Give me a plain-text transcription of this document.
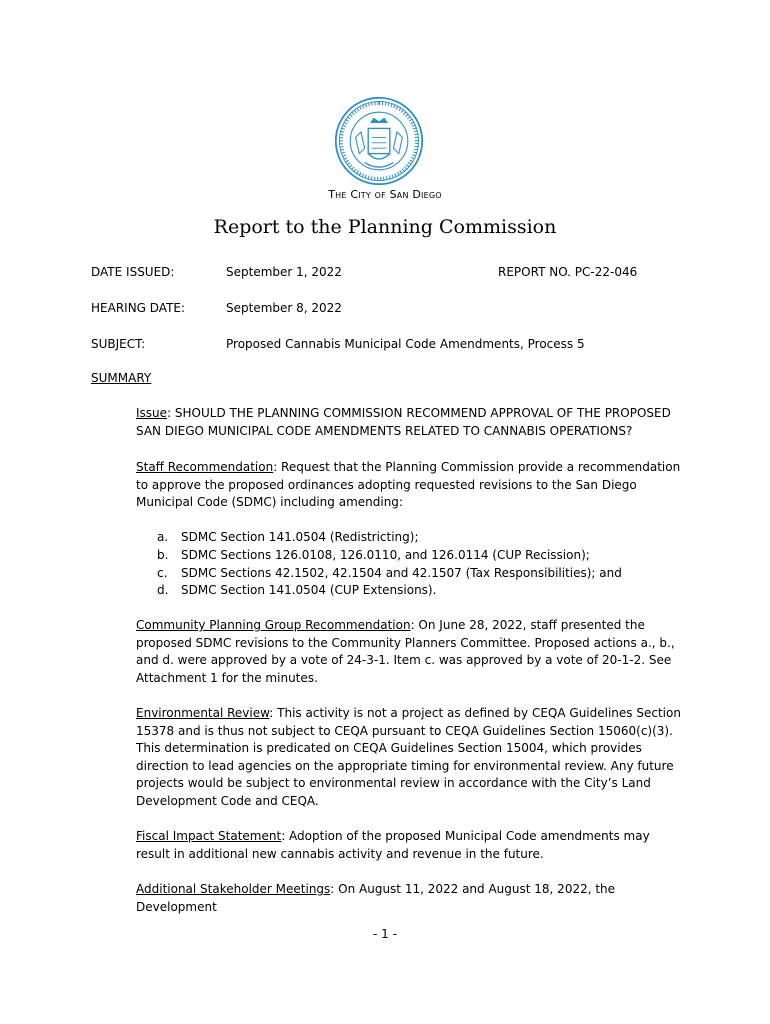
The City of San Diego
Report to the Planning Commission
DATE ISSUED:	September 1, 2022	REPORT NO. PC-22-046
HEARING DATE:	September 8, 2022
SUBJECT:	Proposed Cannabis Municipal Code Amendments, Process 5
SUMMARY
Issue: SHOULD THE PLANNING COMMISSION RECOMMEND APPROVAL OF THE PROPOSED SAN DIEGO MUNICIPAL CODE AMENDMENTS RELATED TO CANNABIS OPERATIONS?
Staff Recommendation: Request that the Planning Commission provide a recommendation to approve the proposed ordinances adopting requested revisions to the San Diego Municipal Code (SDMC) including amending:
a. SDMC Section 141.0504 (Redistricting);
b. SDMC Sections 126.0108, 126.0110, and 126.0114 (CUP Recission);
c. SDMC Sections 42.1502, 42.1504 and 42.1507 (Tax Responsibilities); and
d. SDMC Section 141.0504 (CUP Extensions).
Community Planning Group Recommendation: On June 28, 2022, staff presented the proposed SDMC revisions to the Community Planners Committee. Proposed actions a., b., and d. were approved by a vote of 24-3-1. Item c. was approved by a vote of 20-1-2. See Attachment 1 for the minutes.
Environmental Review: This activity is not a project as defined by CEQA Guidelines Section 15378 and is thus not subject to CEQA pursuant to CEQA Guidelines Section 15060(c)(3). This determination is predicated on CEQA Guidelines Section 15004, which provides direction to lead agencies on the appropriate timing for environmental review. Any future projects would be subject to environmental review in accordance with the City’s Land Development Code and CEQA.
Fiscal Impact Statement: Adoption of the proposed Municipal Code amendments may result in additional new cannabis activity and revenue in the future.
Additional Stakeholder Meetings: On August 11, 2022 and August 18, 2022, the Development
- 1 -
